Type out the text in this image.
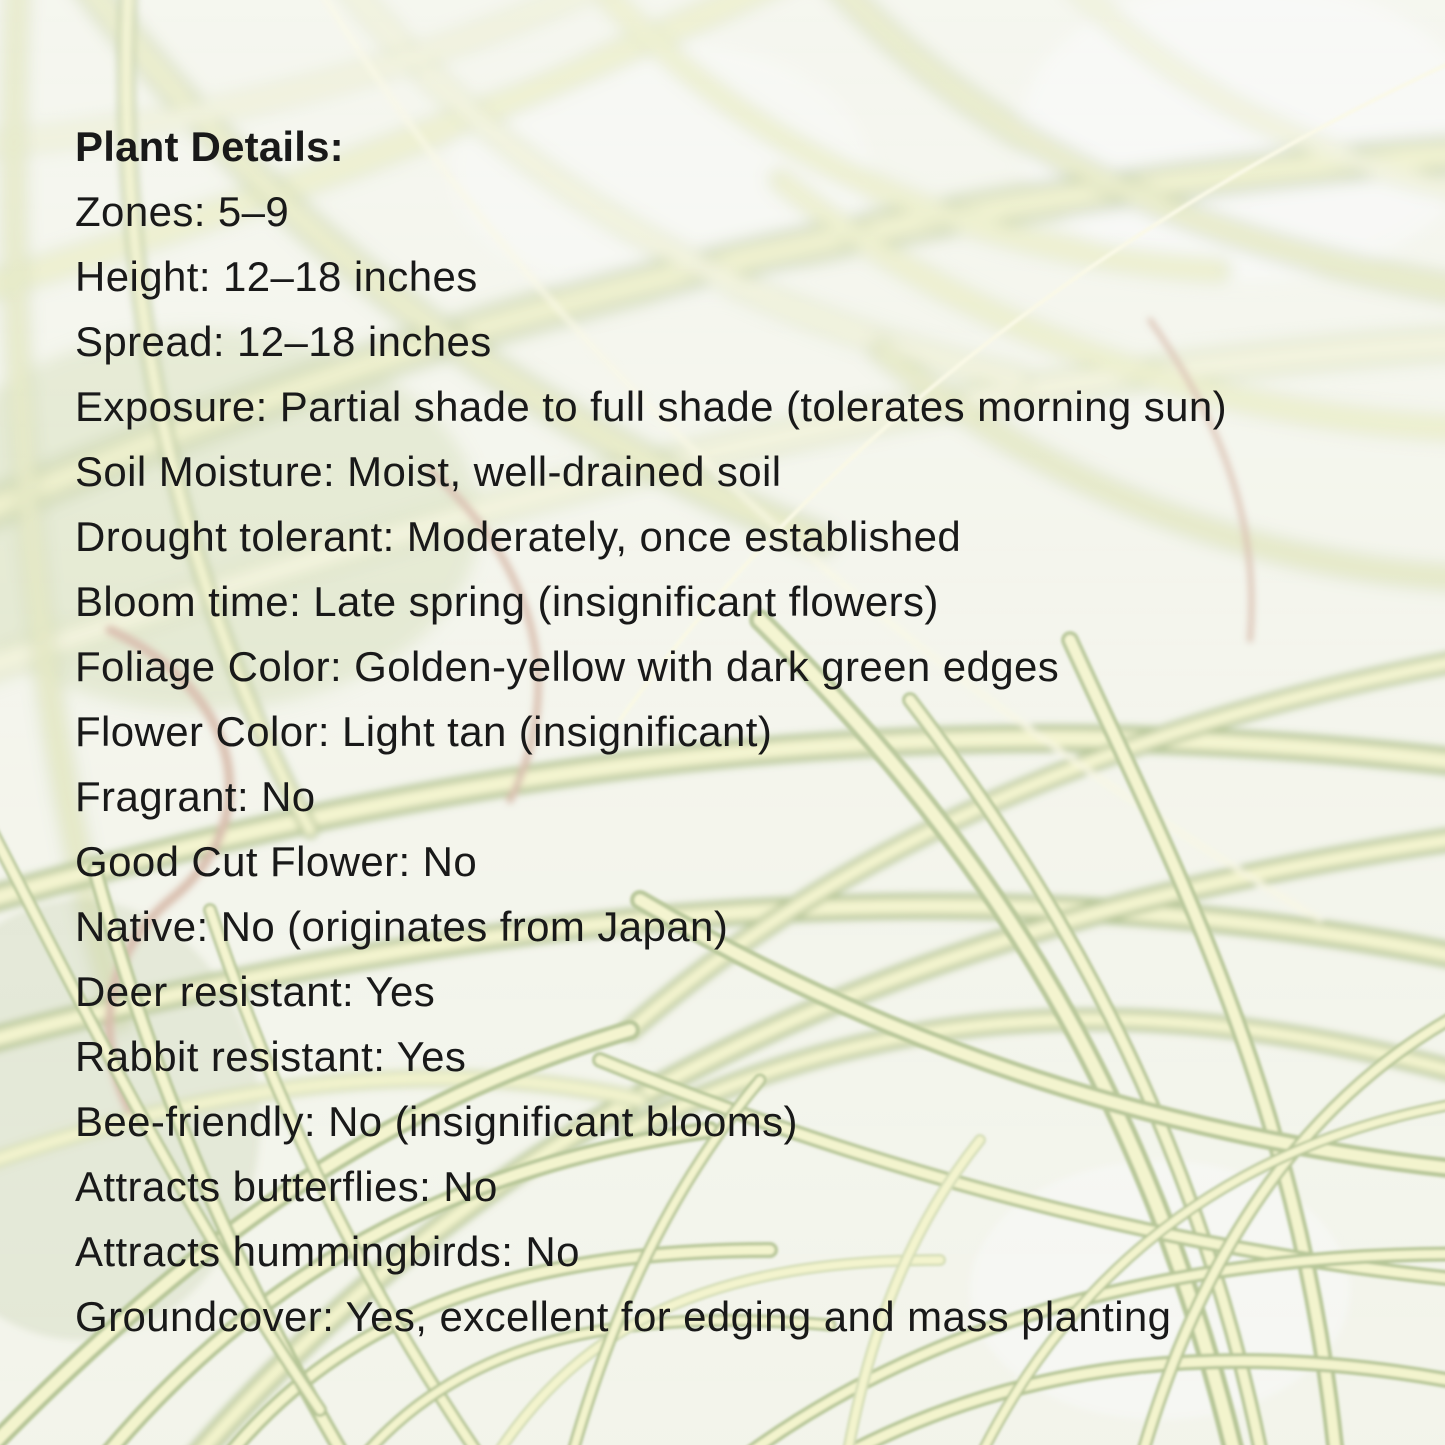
Plant Details:
Zones: 5–9
Height: 12–18 inches
Spread: 12–18 inches
Exposure: Partial shade to full shade (tolerates morning sun)
Soil Moisture: Moist, well-drained soil
Drought tolerant: Moderately, once established
Bloom time: Late spring (insignificant flowers)
Foliage Color: Golden-yellow with dark green edges
Flower Color: Light tan (insignificant)
Fragrant: No
Good Cut Flower: No
Native: No (originates from Japan)
Deer resistant: Yes
Rabbit resistant: Yes
Bee-friendly: No (insignificant blooms)
Attracts butterflies: No
Attracts hummingbirds: No
Groundcover: Yes, excellent for edging and mass planting
